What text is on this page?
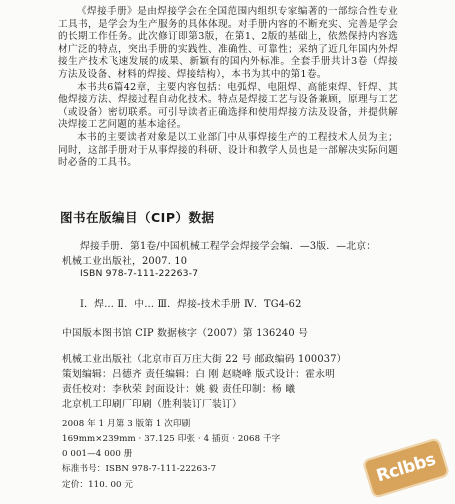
《焊接手册》是由焊接学会在全国范围内组织专家编著的一部综合性专业工具书，是学会为生产服务的具体体现。对手册内容的不断充实、完善是学会的长期工作任务。此次修订即第3版，在第1、2版的基础上，依然保持内容选材广泛的特点，突出手册的实践性、准确性、可靠性；采纳了近几年国内外焊接生产技术飞速发展的成果、新颖有的国内外标准。全套手册共计3卷（焊接方法及设备、材料的焊接、焊接结构），本书为其中的第1卷。

本书共6篇42章，主要内容包括：电弧焊、电阻焊、高能束焊、钎焊、其他焊接方法、焊接过程自动化技术。特点是焊接工艺与设备兼顾，原理与工艺（或设备）密切联系。可引导读者正确选择和使用焊接方法及设备，并提供解决焊接工艺问题的基本途径。

本书的主要读者对象是以工业部门中从事焊接生产的工程技术人员为主；同时，这部手册对于从事焊接的科研、设计和教学人员也是一部解决实际问题时必备的工具书。

图书在版编目（CIP）数据
焊接手册．第1卷/中国机械工程学会焊接学会编．—3版．—北京：
机械工业出版社，2007. 10
ISBN 978-7-111-22263-7
Ⅰ．焊… Ⅱ．中… Ⅲ．焊接-技术手册 Ⅳ．TG4-62
中国版本图书馆 CIP 数据核字（2007）第 136240 号
机械工业出版社（北京市百万庄大街 22 号 邮政编码 100037）
策划编辑：吕德齐 责任编辑：白 刚 赵晓峰 版式设计：霍永明
责任校对：李秋荣 封面设计：姚 毅 责任印制：杨 曦
北京机工印刷厂印刷（胜利装订厂装订）
2008 年 1 月第 3 版第 1 次印刷
169mm×239mm · 37.125 印张 · 4 插页 · 2068 千字
0 001—4 000 册
标准书号：ISBN 978-7-111-22263-7
定价：110. 00 元	Rclbbs
